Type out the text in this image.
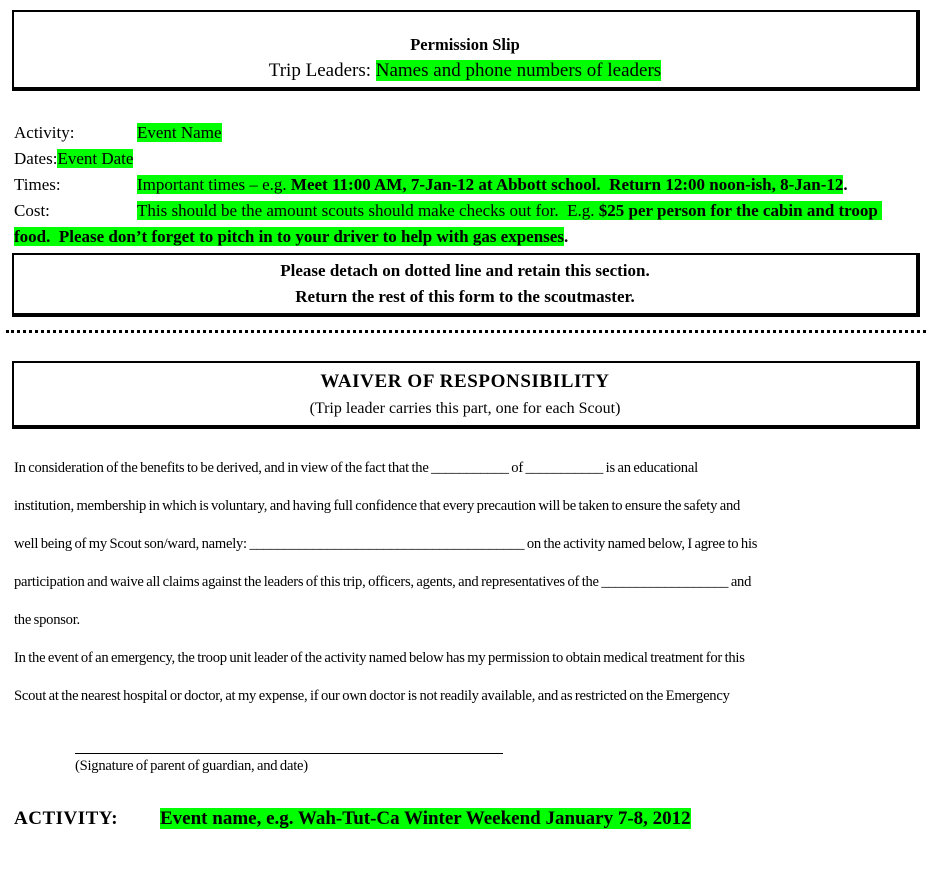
Permission Slip
Trip Leaders: Names and phone numbers of leaders
Activity:	Event Name
Dates:Event Date
Times:	Important times – e.g. Meet 11:00 AM, 7-Jan-12 at Abbott school.  Return 12:00 noon-ish, 8-Jan-12.
Cost:	This should be the amount scouts should make checks out for.  E.g. $25 per person for the cabin and troop food.  Please don’t forget to pitch in to your driver to help with gas expenses.
Please detach on dotted line and retain this section.
Return the rest of this form to the scoutmaster.
WAIVER OF RESPONSIBILITY
(Trip leader carries this part, one for each Scout)
In consideration of the benefits to be derived, and in view of the fact that the ___________ of ___________ is an educational
institution, membership in which is voluntary, and having full confidence that every precaution will be taken to ensure the safety and
well being of my Scout son/ward, namely: _______________________________________ on the activity named below, I agree to his
participation and waive all claims against the leaders of this trip, officers, agents, and representatives of the __________________ and
the sponsor.
In the event of an emergency, the troop unit leader of the activity named below has my permission to obtain medical treatment for this
Scout at the nearest hospital or doctor, at my expense, if our own doctor is not readily available, and as restricted on the Emergency
(Signature of parent of guardian, and date)
ACTIVITY: Event name, e.g. Wah-Tut-Ca Winter Weekend January 7-8, 2012
